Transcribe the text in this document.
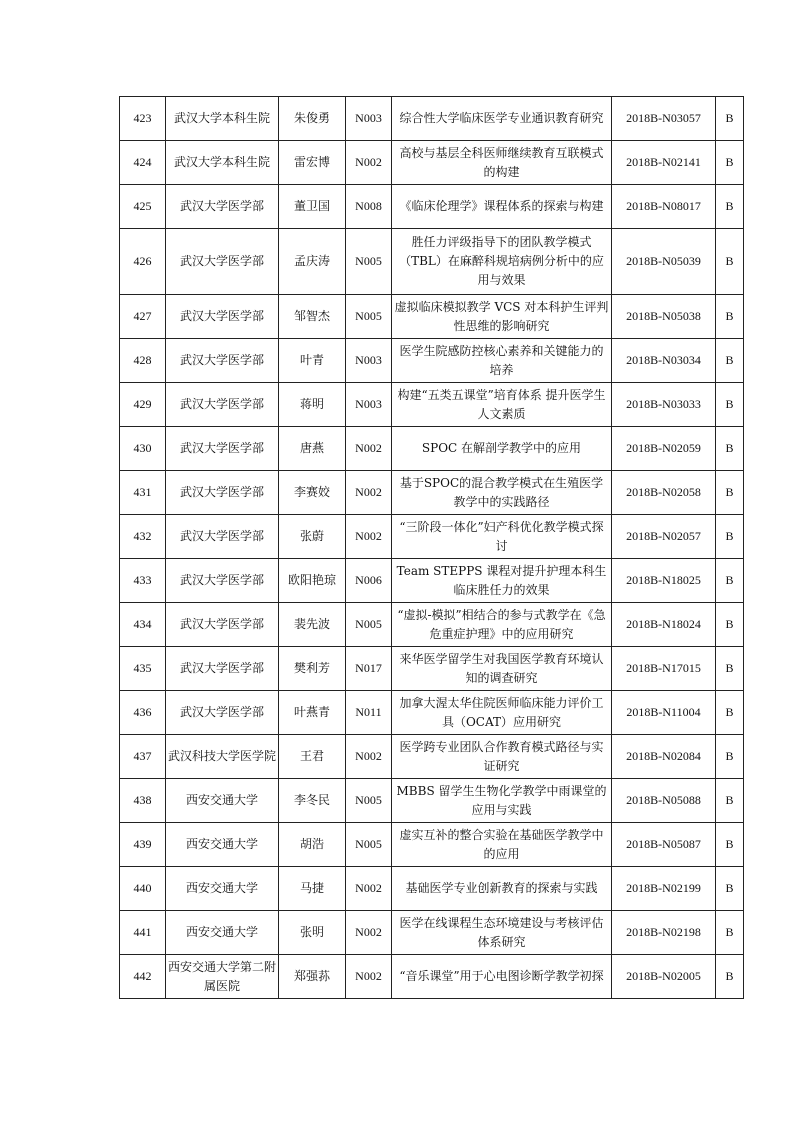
423	武汉大学本科生院	朱俊勇	N003	综合性大学临床医学专业通识教育研究	2018B-N03057	B
424	武汉大学本科生院	雷宏博	N002	高校与基层全科医师继续教育互联模式的构建	2018B-N02141	B
425	武汉大学医学部	董卫国	N008	《临床伦理学》课程体系的探索与构建	2018B-N08017	B
426	武汉大学医学部	孟庆涛	N005	胜任力评级指导下的团队教学模式（TBL）在麻醉科规培病例分析中的应用与效果	2018B-N05039	B
427	武汉大学医学部	邹智杰	N005	虚拟临床模拟教学 VCS 对本科护生评判性思维的影响研究	2018B-N05038	B
428	武汉大学医学部	叶青	N003	医学生院感防控核心素养和关键能力的培养	2018B-N03034	B
429	武汉大学医学部	蒋明	N003	构建“五类五课堂”培育体系 提升医学生人文素质	2018B-N03033	B
430	武汉大学医学部	唐燕	N002	SPOC 在解剖学教学中的应用	2018B-N02059	B
431	武汉大学医学部	李赛姣	N002	基于SPOC的混合教学模式在生殖医学教学中的实践路径	2018B-N02058	B
432	武汉大学医学部	张蔚	N002	“三阶段一体化”妇产科优化教学模式探讨	2018B-N02057	B
433	武汉大学医学部	欧阳艳琼	N006	Team STEPPS 课程对提升护理本科生临床胜任力的效果	2018B-N18025	B
434	武汉大学医学部	裴先波	N005	“虚拟-模拟”相结合的参与式教学在《急危重症护理》中的应用研究	2018B-N18024	B
435	武汉大学医学部	樊利芳	N017	来华医学留学生对我国医学教育环境认知的调查研究	2018B-N17015	B
436	武汉大学医学部	叶燕青	N011	加拿大渥太华住院医师临床能力评价工具（OCAT）应用研究	2018B-N11004	B
437	武汉科技大学医学院	王君	N002	医学跨专业团队合作教育模式路径与实证研究	2018B-N02084	B
438	西安交通大学	李冬民	N005	MBBS 留学生生物化学教学中雨课堂的应用与实践	2018B-N05088	B
439	西安交通大学	胡浩	N005	虚实互补的整合实验在基础医学教学中的应用	2018B-N05087	B
440	西安交通大学	马捷	N002	基础医学专业创新教育的探索与实践	2018B-N02199	B
441	西安交通大学	张明	N002	医学在线课程生态环境建设与考核评估体系研究	2018B-N02198	B
442	西安交通大学第二附属医院	郑强荪	N002	“音乐课堂”用于心电图诊断学教学初探	2018B-N02005	B
